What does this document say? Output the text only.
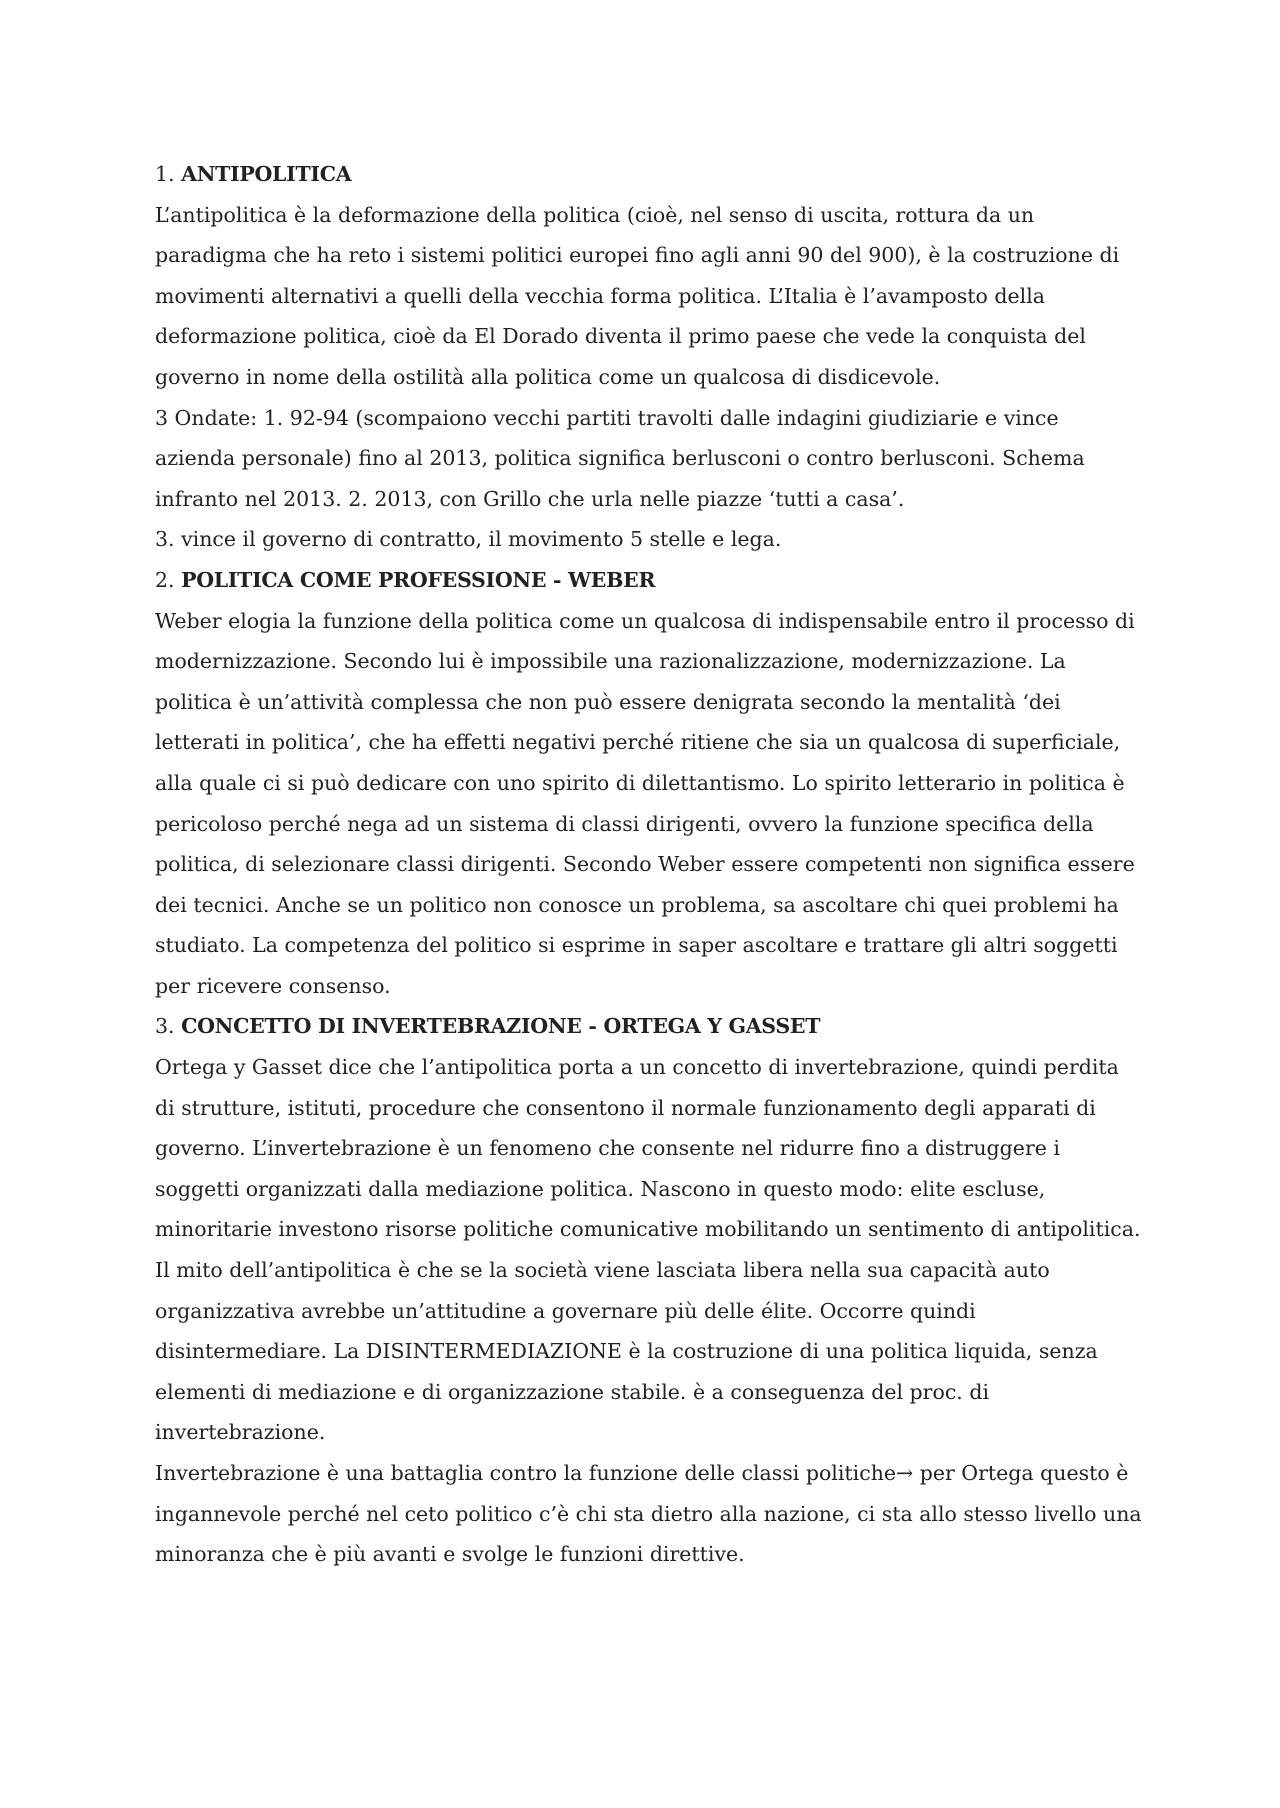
1. ANTIPOLITICA

L’antipolitica è la deformazione della politica (cioè, nel senso di uscita, rottura da un paradigma che ha reto i sistemi politici europei fino agli anni 90 del 900), è la costruzione di movimenti alternativi a quelli della vecchia forma politica. L’Italia è l’avamposto della deformazione politica, cioè da El Dorado diventa il primo paese che vede la conquista del governo in nome della ostilità alla politica come un qualcosa di disdicevole.

3 Ondate: 1. 92-94 (scompaiono vecchi partiti travolti dalle indagini giudiziarie e vince azienda personale) fino al 2013, politica significa berlusconi o contro berlusconi. Schema infranto nel 2013. 2. 2013, con Grillo che urla nelle piazze ‘tutti a casa’.

3. vince il governo di contratto, il movimento 5 stelle e lega.

2. POLITICA COME PROFESSIONE - WEBER

Weber elogia la funzione della politica come un qualcosa di indispensabile entro il processo di modernizzazione. Secondo lui è impossibile una razionalizzazione, modernizzazione. La politica è un’attività complessa che non può essere denigrata secondo la mentalità ‘dei letterati in politica’, che ha effetti negativi perché ritiene che sia un qualcosa di superficiale, alla quale ci si può dedicare con uno spirito di dilettantismo. Lo spirito letterario in politica è pericoloso perché nega ad un sistema di classi dirigenti, ovvero la funzione specifica della politica, di selezionare classi dirigenti. Secondo Weber essere competenti non significa essere dei tecnici. Anche se un politico non conosce un problema, sa ascoltare chi quei problemi ha studiato. La competenza del politico si esprime in saper ascoltare e trattare gli altri soggetti per ricevere consenso.

3. CONCETTO DI INVERTEBRAZIONE - ORTEGA Y GASSET

Ortega y Gasset dice che l’antipolitica porta a un concetto di invertebrazione, quindi perdita di strutture, istituti, procedure che consentono il normale funzionamento degli apparati di governo. L’invertebrazione è un fenomeno che consente nel ridurre fino a distruggere i soggetti organizzati dalla mediazione politica. Nascono in questo modo: elite escluse, minoritarie investono risorse politiche comunicative mobilitando un sentimento di antipolitica. Il mito dell’antipolitica è che se la società viene lasciata libera nella sua capacità auto organizzativa avrebbe un’attitudine a governare più delle élite. Occorre quindi disintermediare. La DISINTERMEDIAZIONE è la costruzione di una politica liquida, senza elementi di mediazione e di organizzazione stabile. è a conseguenza del proc. di invertebrazione.

Invertebrazione è una battaglia contro la funzione delle classi politiche→ per Ortega questo è ingannevole perché nel ceto politico c’è chi sta dietro alla nazione, ci sta allo stesso livello una minoranza che è più avanti e svolge le funzioni direttive.
